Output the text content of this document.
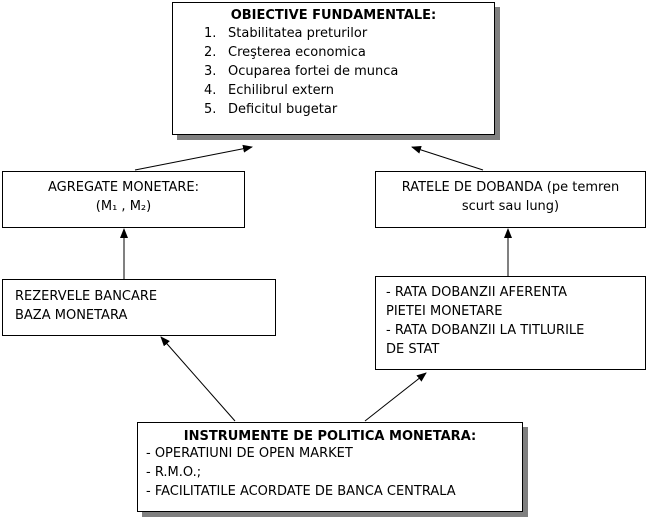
OBIECTIVE FUNDAMENTALE:
1. Stabilitatea preturilor
2. Creşterea economica
3. Ocuparea fortei de munca
4. Echilibrul extern
5. Deficitul bugetar
AGREGATE MONETARE:
(M₁ , M₂)
RATELE DE DOBANDA (pe temren
scurt sau lung)
REZERVELE BANCARE
BAZA MONETARA
- RATA DOBANZII AFERENTA
PIETEI MONETARE
- RATA DOBANZII LA TITLURILE
DE STAT
INSTRUMENTE DE POLITICA MONETARA:
- OPERATIUNI DE OPEN MARKET
- R.M.O.;
- FACILITATILE ACORDATE DE BANCA CENTRALA
